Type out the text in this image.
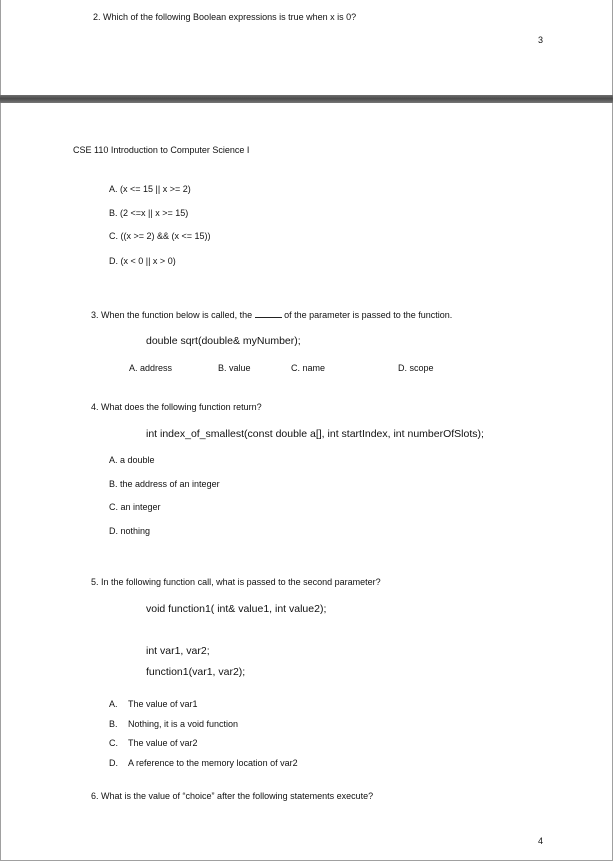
2. Which of the following Boolean expressions is true when x is 0?
3
CSE 110 Introduction to Computer Science I
A. (x <= 15 || x >= 2)
B. (2 <=x || x >= 15)
C. ((x >= 2) && (x <= 15))
D. (x < 0 || x > 0)
3. When the function below is called, the	of the parameter is passed to the function.
double sqrt(double& myNumber);
A. address	B. value	C. name	D. scope
4. What does the following function return?
int index_of_smallest(const double a[], int startIndex, int numberOfSlots);
A. a double
B. the address of an integer
C. an integer
D. nothing
5. In the following function call, what is passed to the second parameter?
void function1( int& value1, int value2);
int var1, var2;
function1(var1, var2);
A. The value of var1
B. Nothing, it is a void function
C. The value of var2
D. A reference to the memory location of var2
6. What is the value of “choice” after the following statements execute?
4
